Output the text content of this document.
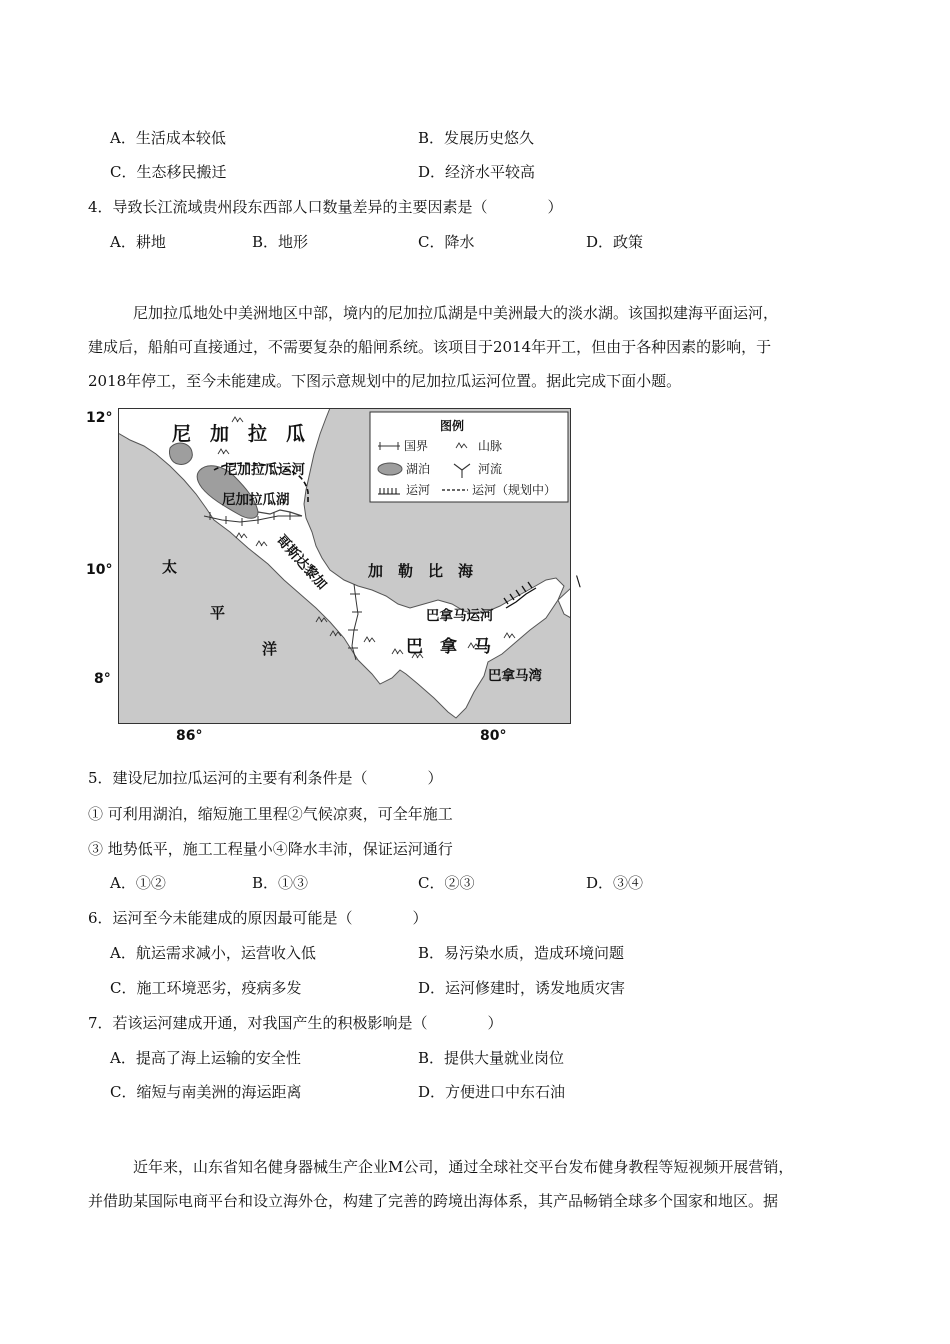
A．生活成本较低	B．发展历史悠久
C．生态移民搬迁	D．经济水平较高
4．导致长江流域贵州段东西部人口数量差异的主要因素是（　　　　）
A．耕地	B．地形	C．降水	D．政策

尼加拉瓜地处中美洲地区中部，境内的尼加拉瓜湖是中美洲最大的淡水湖。该国拟建海平面运河，

建成后，船舶可直接通过，不需要复杂的船闸系统。该项目于2014年开工，但由于各种因素的影响，于

2018年停工，至今未能建成。下图示意规划中的尼加拉瓜运河位置。据此完成下面小题。

12°
10°
8°
86°	80°
\
尼　加　拉　瓜
尼加拉瓜运河
尼加拉瓜湖
哥斯达黎加	加　勒　比　海
太
平
洋
巴拿马运河
巴　拿　马
巴拿马湾
图例
国界	山脉
湖泊	河流
运河	运河（规划中）
5．建设尼加拉瓜运河的主要有利条件是（　　　　）
① 可利用湖泊，缩短施工里程②气候凉爽，可全年施工
③ 地势低平，施工工程量小④降水丰沛，保证运河通行
A．①②	B．①③	C．②③	D．③④
6．运河至今未能建成的原因最可能是（　　　　）
A．航运需求减小，运营收入低	B．易污染水质，造成环境问题
C．施工环境恶劣，疫病多发	D．运河修建时，诱发地质灾害
7．若该运河建成开通，对我国产生的积极影响是（　　　　）
A．提高了海上运输的安全性	B．提供大量就业岗位
C．缩短与南美洲的海运距离	D．方便进口中东石油

近年来，山东省知名健身器械生产企业M公司，通过全球社交平台发布健身教程等短视频开展营销，

并借助某国际电商平台和设立海外仓，构建了完善的跨境出海体系，其产品畅销全球多个国家和地区。据
